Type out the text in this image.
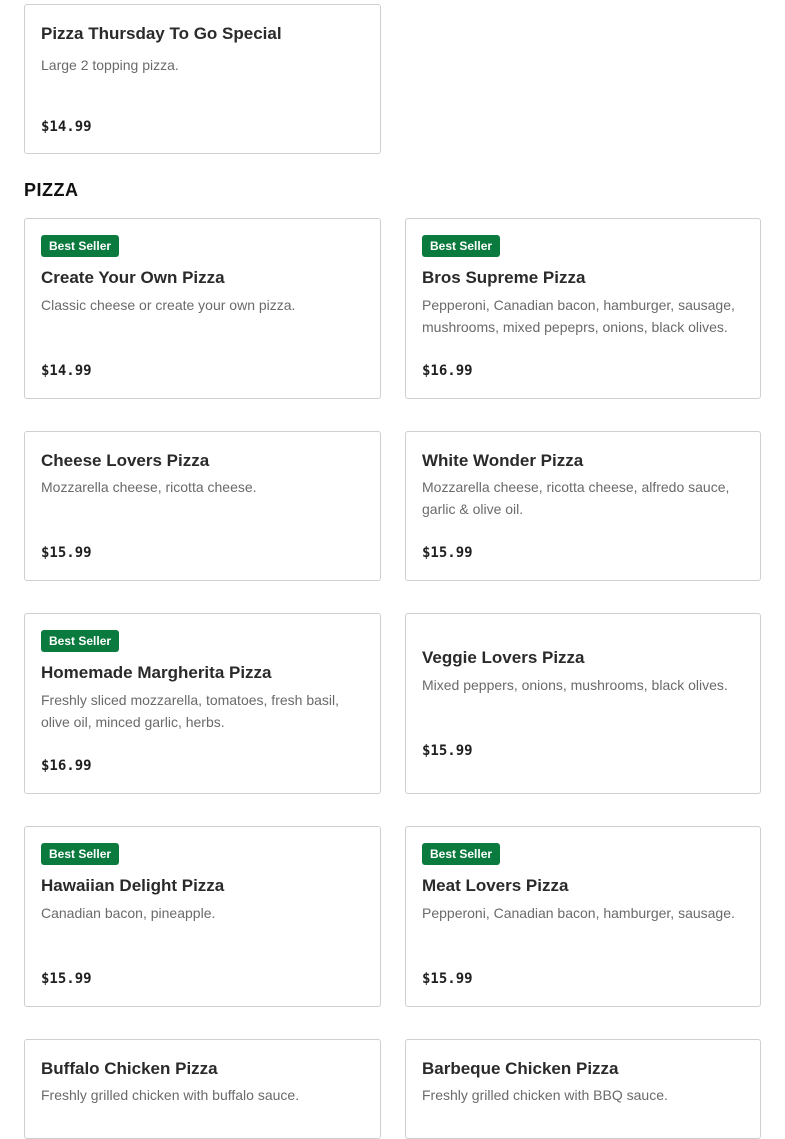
Pizza Thursday To Go Special
Large 2 topping pizza.
$14.99
PIZZA
Best Seller
Create Your Own Pizza
Classic cheese or create your own pizza.
$14.99
Best Seller
Bros Supreme Pizza
Pepperoni, Canadian bacon, hamburger, sausage, mushrooms, mixed pepeprs, onions, black olives.
$16.99
Cheese Lovers Pizza
Mozzarella cheese, ricotta cheese.
$15.99
White Wonder Pizza
Mozzarella cheese, ricotta cheese, alfredo sauce, garlic & olive oil.
$15.99
Best Seller
Homemade Margherita Pizza
Freshly sliced mozzarella, tomatoes, fresh basil, olive oil, minced garlic, herbs.
$16.99
Veggie Lovers Pizza
Mixed peppers, onions, mushrooms, black olives.
$15.99
Best Seller
Hawaiian Delight Pizza
Canadian bacon, pineapple.
$15.99
Best Seller
Meat Lovers Pizza
Pepperoni, Canadian bacon, hamburger, sausage.
$15.99
Buffalo Chicken Pizza
Freshly grilled chicken with buffalo sauce.
Barbeque Chicken Pizza
Freshly grilled chicken with BBQ sauce.
